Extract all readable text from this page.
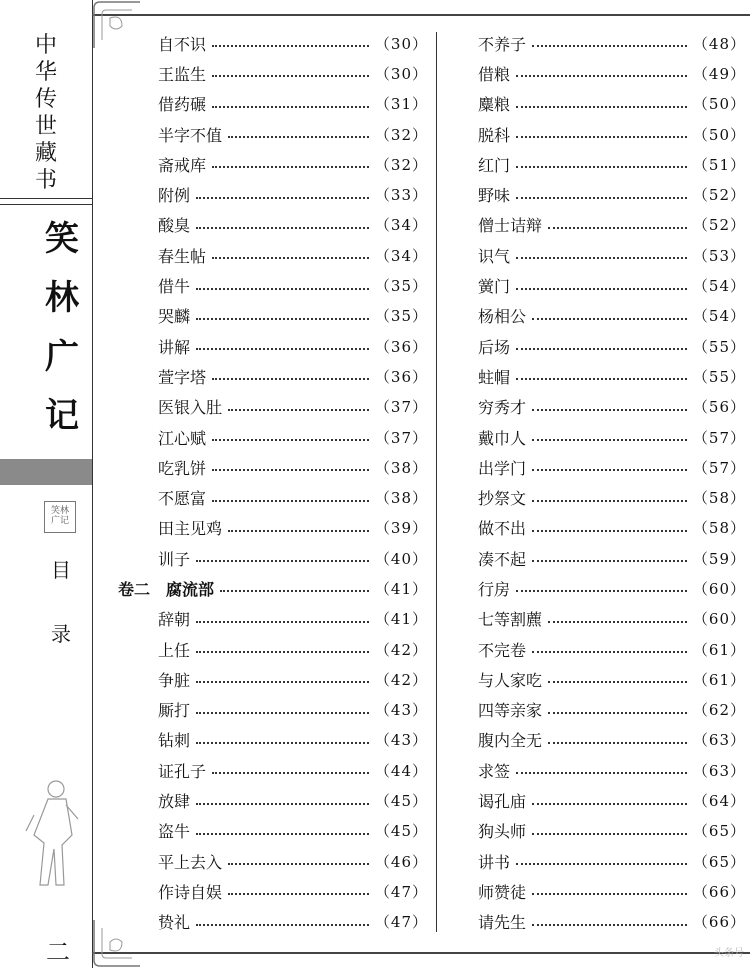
中
华
传
世
藏
书
笑
林
广
记
笑林
广记
目
录
二
自不识	（30）
王监生	（30）
借药碾	（31）
半字不值	（32）
斋戒库	（32）
附例	（33）
酸臭	（34）
春生帖	（34）
借牛	（35）
哭麟	（35）
讲解	（36）
萱字塔	（36）
医银入肚	（37）
江心赋	（37）
吃乳饼	（38）
不愿富	（38）
田主见鸡	（39）
训子	（40）
卷二　腐流部	（41）
辞朝	（41）
上任	（42）
争脏	（42）
厮打	（43）
钻刺	（43）
证孔子	（44）
放肆	（45）
盗牛	（45）
平上去入	（46）
作诗自娱	（47）
贽礼	（47）
不养子	（48）
借粮	（49）
麋粮	（50）
脱科	（50）
红门	（51）
野味	（52）
僧士诘辩	（52）
识气	（53）
黉门	（54）
杨相公	（54）
后场	（55）
蛀帽	（55）
穷秀才	（56）
戴巾人	（57）
出学门	（57）
抄祭文	（58）
做不出	（58）
凑不起	（59）
行房	（60）
七等割藨	（60）
不完卷	（61）
与人家吃	（61）
四等亲家	（62）
腹内全无	（63）
求签	（63）
谒孔庙	（64）
狗头师	（65）
讲书	（65）
师赞徒	（66）
请先生	（66）
头条号
